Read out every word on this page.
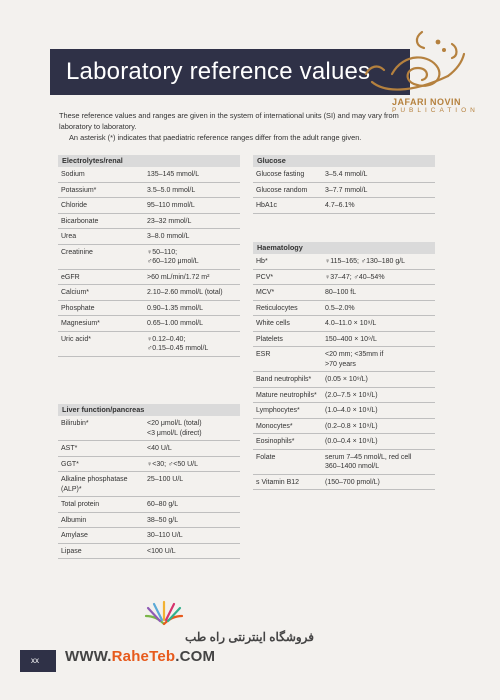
Laboratory reference values
JAFARI NOVIN
PUBLICATION

These reference values and ranges are given in the system of international units (SI) and may vary from laboratory to laboratory.

An asterisk (*) indicates that paediatric reference ranges differ from the adult range given.

Electrolytes/renal
Sodium	135–145 mmol/L
Potassium*	3.5–5.0 mmol/L
Chloride	95–110 mmol/L
Bicarbonate	23–32 mmol/L
Urea	3–8.0 mmol/L
Creatinine	♀50–110;
♂60–120 μmol/L
eGFR	>60 mL/min/1.72 m²
Calcium*	2.10–2.60 mmol/L (total)
Phosphate	0.90–1.35 mmol/L
Magnesium*	0.65–1.00 mmol/L
Uric acid*	♀0.12–0.40;
♂0.15–0.45 mmol/L
Liver function/pancreas
Bilirubin*	<20 μmol/L (total)
<3 μmol/L (direct)
AST*	<40 U/L
GGT*	♀<30; ♂<50 U/L
Alkaline phosphatase
(ALP)*	25–100 U/L
Total protein	60–80 g/L
Albumin	38–50 g/L
Amylase	30–110 U/L
Lipase	<100 U/L
Glucose
Glucose fasting	3–5.4 mmol/L
Glucose random	3–7.7 mmol/L
HbA1c	4.7–6.1%
Haematology
Hb*	♀115–165; ♂130–180 g/L
PCV*	♀37–47; ♂40–54%
MCV*	80–100 fL
Reticulocytes	0.5–2.0%
White cells	4.0–11.0 × 10⁹/L
Platelets	150–400 × 10⁹/L
ESR	<20 mm; <35mm if
>70 years
Band neutrophils*	(0.05 × 10⁹/L)
Mature neutrophils*	(2.0–7.5 × 10⁹/L)
Lymphocytes*	(1.0–4.0 × 10⁹/L)
Monocytes*	(0.2–0.8 × 10⁹/L)
Eosinophils*	(0.0–0.4 × 10⁹/L)
Folate	serum 7–45 nmol/L, red cell
360–1400 nmol/L
s Vitamin B12	(150–700 pmol/L)
فروشگاه اینترنتی راه طب
WWW.RaheTeb.COM
xx
